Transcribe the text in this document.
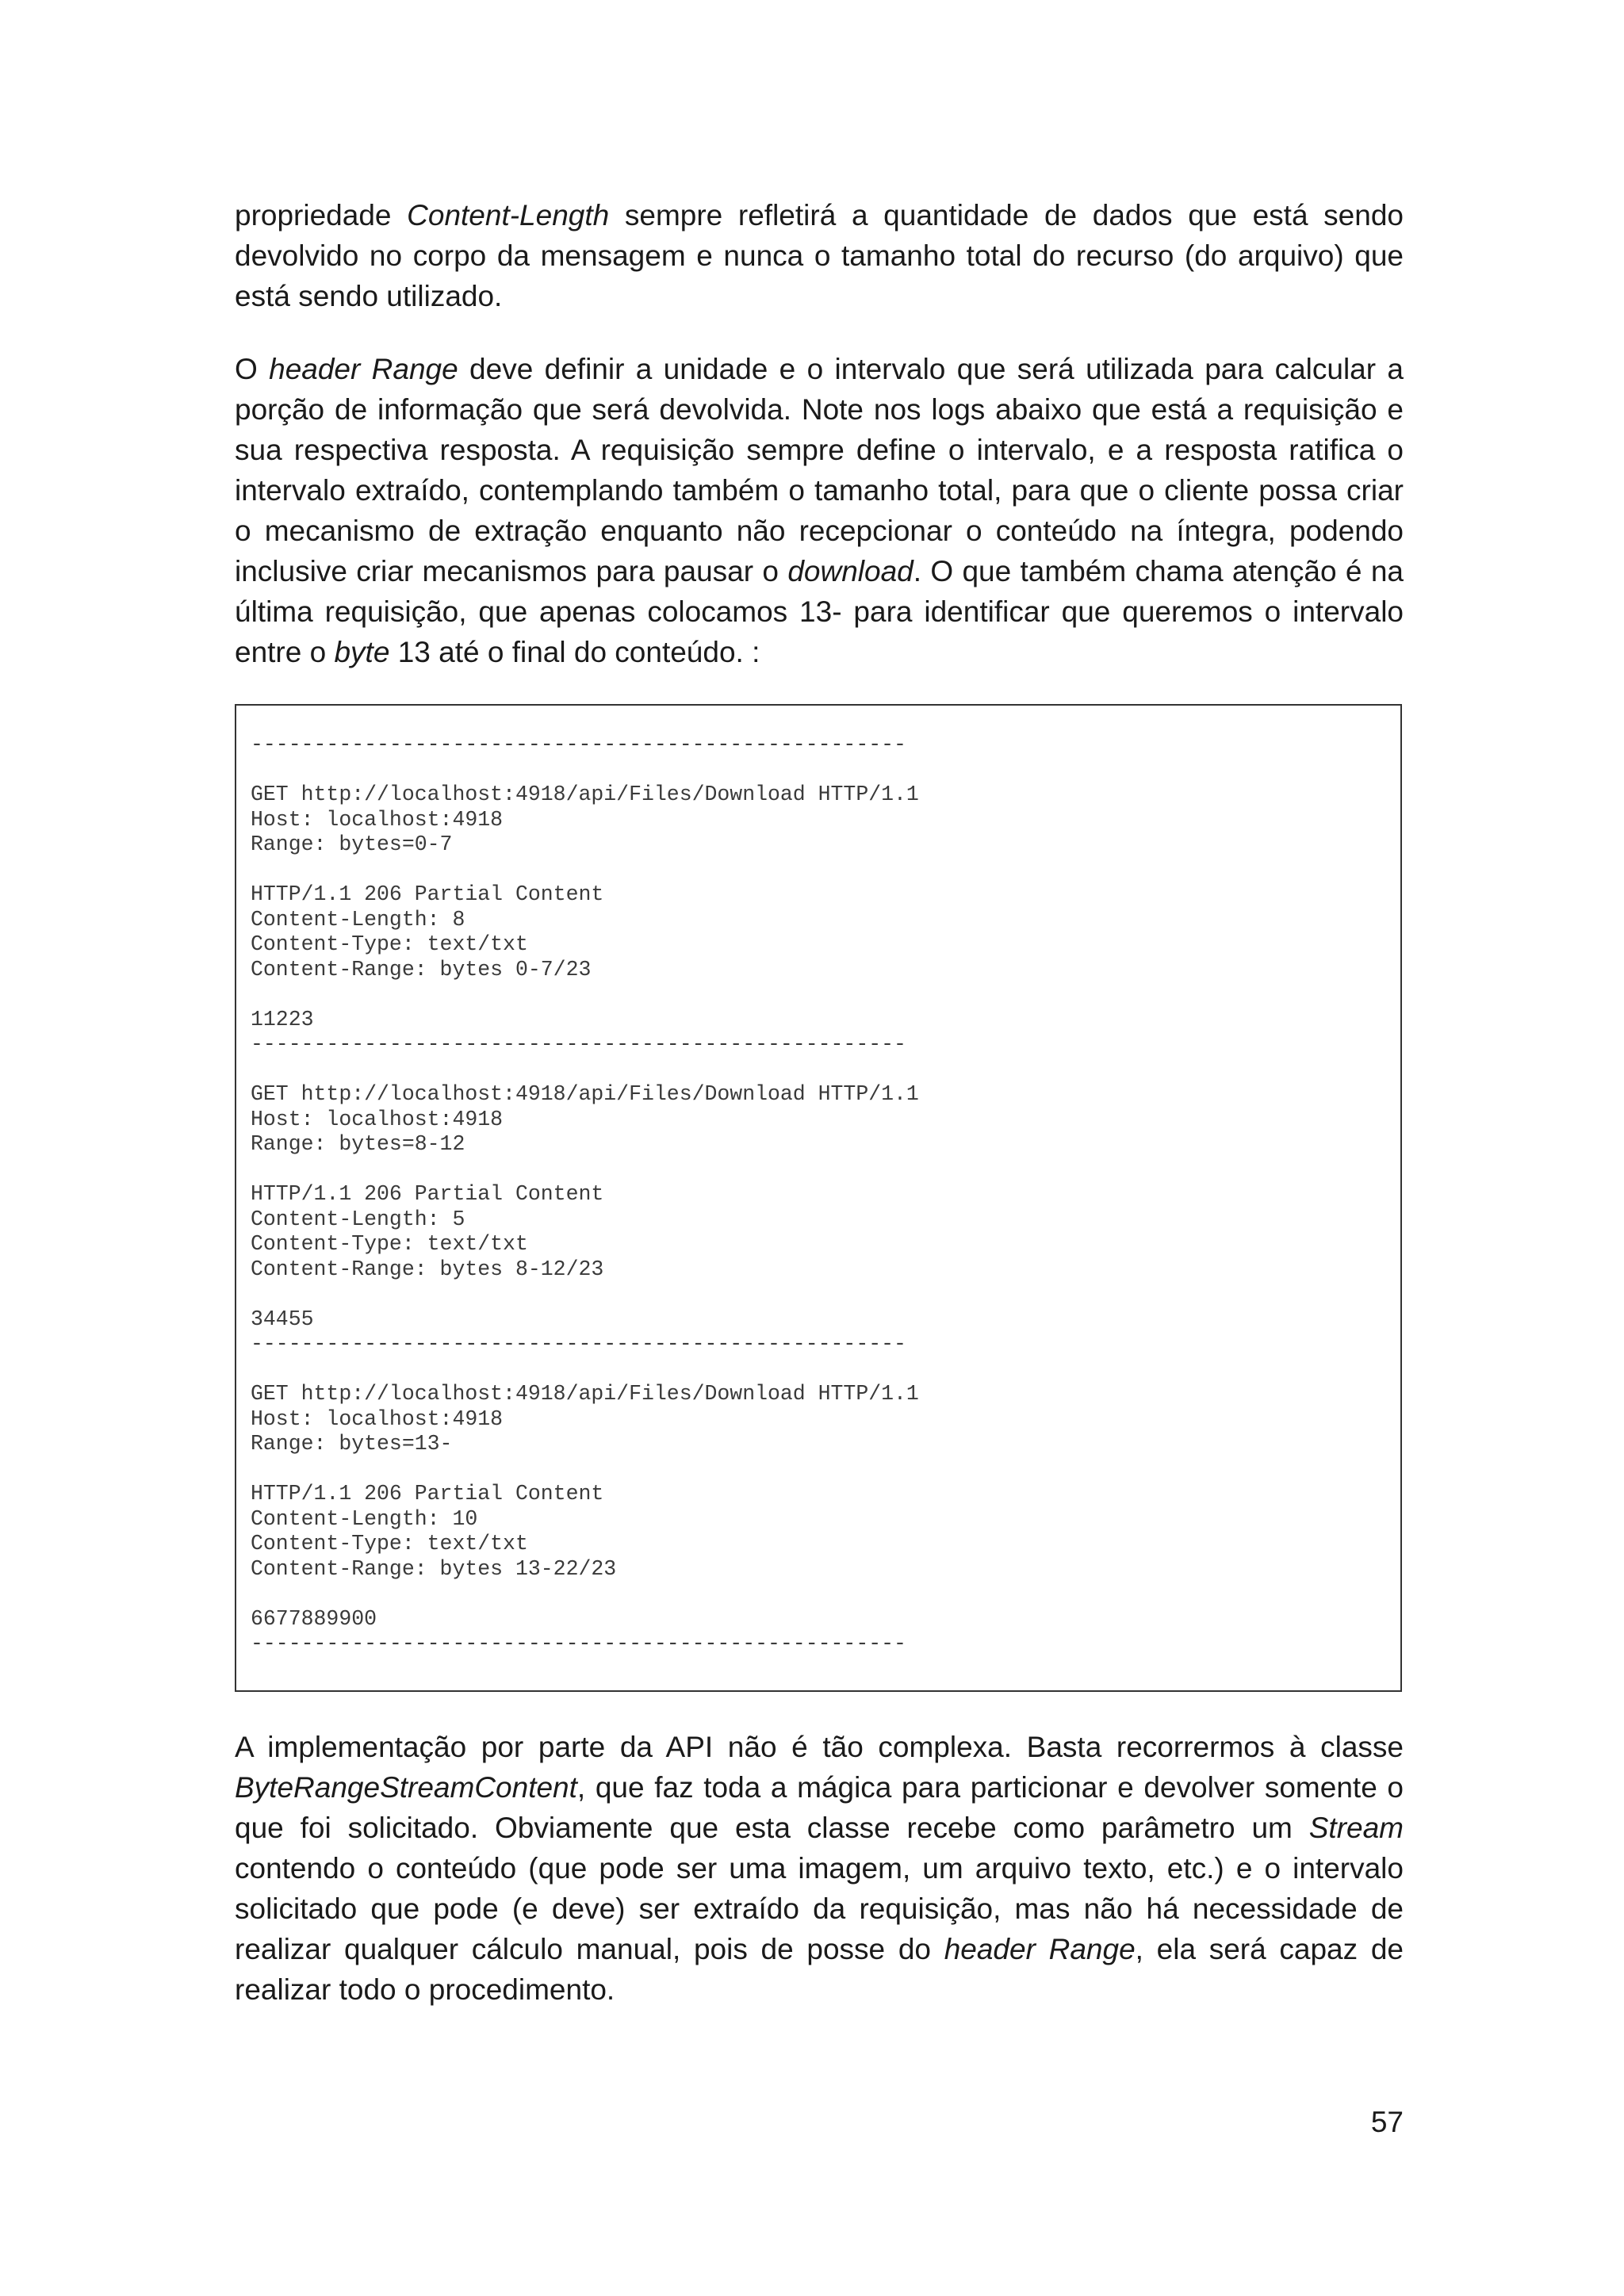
propriedade Content-Length sempre refletirá a quantidade de dados que está sendo devolvido no corpo da mensagem e nunca o tamanho total do recurso (do arquivo) que está sendo utilizado.

O header Range deve definir a unidade e o intervalo que será utilizada para calcular a porção de informação que será devolvida. Note nos logs abaixo que está a requisição e sua respectiva resposta. A requisição sempre define o intervalo, e a resposta ratifica o intervalo extraído, contemplando também o tamanho total, para que o cliente possa criar o mecanismo de extração enquanto não recepcionar o conteúdo na íntegra, podendo inclusive criar mecanismos para pausar o download. O que também chama atenção é na última requisição, que apenas colocamos 13- para identificar que queremos o intervalo entre o byte 13 até o final do conteúdo. :

----------------------------------------------------

GET http://localhost:4918/api/Files/Download HTTP/1.1
Host: localhost:4918
Range: bytes=0-7

HTTP/1.1 206 Partial Content
Content-Length: 8
Content-Type: text/txt
Content-Range: bytes 0-7/23

11223
----------------------------------------------------

GET http://localhost:4918/api/Files/Download HTTP/1.1
Host: localhost:4918
Range: bytes=8-12

HTTP/1.1 206 Partial Content
Content-Length: 5
Content-Type: text/txt
Content-Range: bytes 8-12/23

34455
----------------------------------------------------

GET http://localhost:4918/api/Files/Download HTTP/1.1
Host: localhost:4918
Range: bytes=13-

HTTP/1.1 206 Partial Content
Content-Length: 10
Content-Type: text/txt
Content-Range: bytes 13-22/23

6677889900
----------------------------------------------------

A implementação por parte da API não é tão complexa. Basta recorrermos à classe ByteRangeStreamContent, que faz toda a mágica para particionar e devolver somente o que foi solicitado. Obviamente que esta classe recebe como parâmetro um Stream contendo o conteúdo (que pode ser uma imagem, um arquivo texto, etc.) e o intervalo solicitado que pode (e deve) ser extraído da requisição, mas não há necessidade de realizar qualquer cálculo manual, pois de posse do header Range, ela será capaz de realizar todo o procedimento.

57
